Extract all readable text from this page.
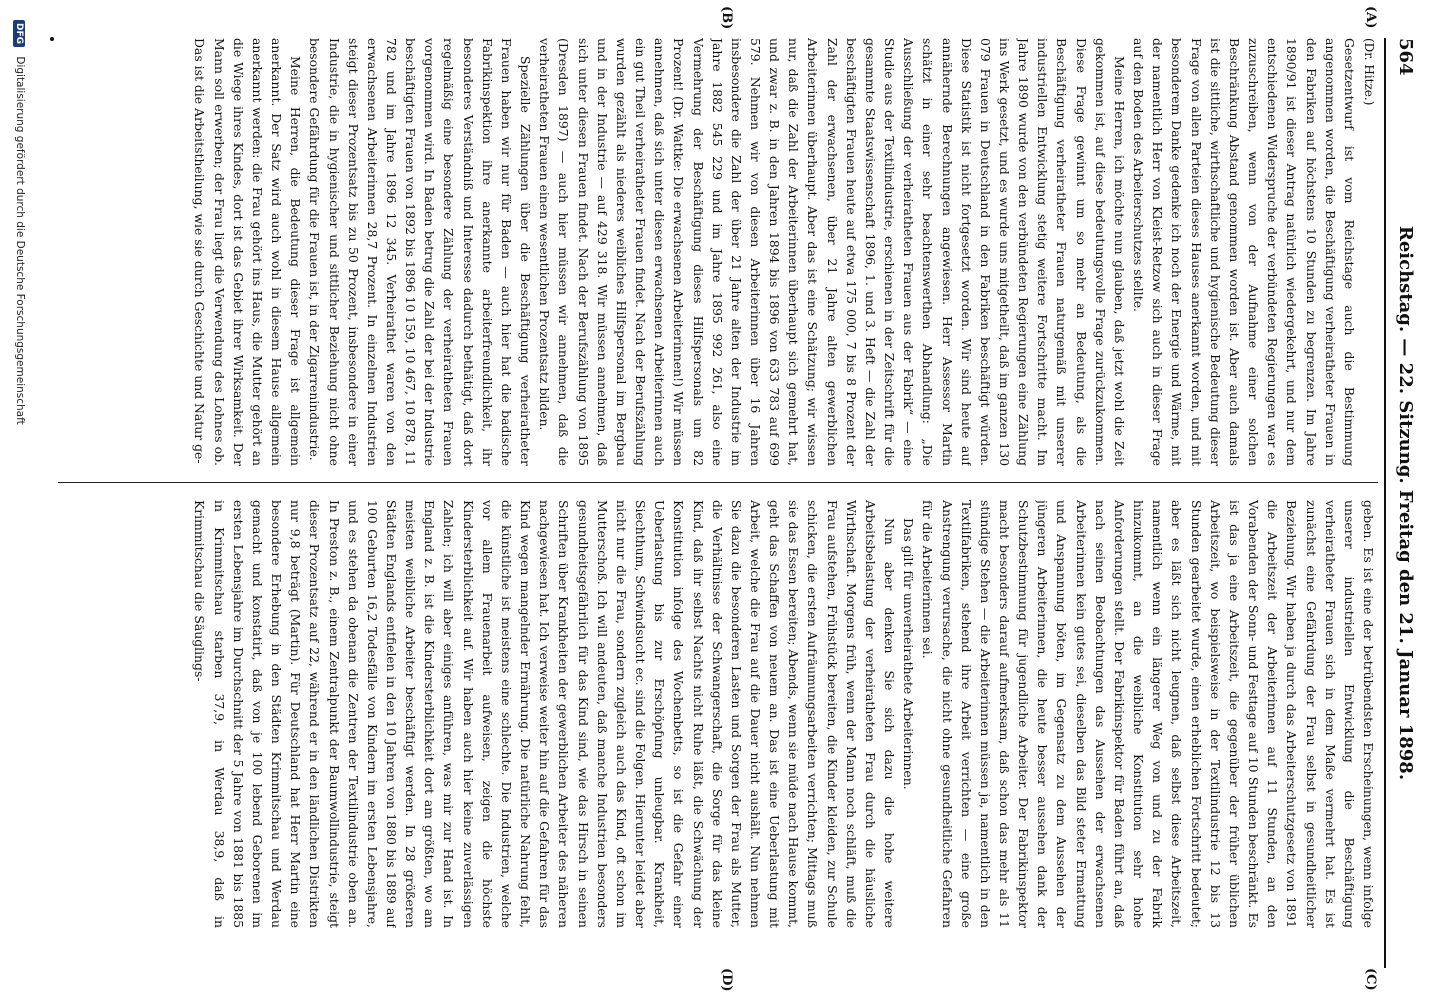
564
Reichstag. — 22. Sitzung. Freitag den 21. Januar 1898.
(A)
(B)
(C)
(D)

(Dr. Hitze.)

Gesetzentwurf ist vom Reichstage auch die Bestimmung angenommen worden, die Beschäftigung verheiratheter Frauen in den Fabriken auf höchstens 10 Stunden zu begrenzen. Im Jahre 1890/91 ist dieser Antrag natürlich wiedergekehrt, und nur dem entschiedenen Widerspruche der verbündeten Regierungen war es zuzuschreiben, wenn von der Aufnahme einer solchen Beschränkung Abstand genommen worden ist. Aber auch damals ist die sittliche, wirthschaftliche und hygienische Bedeutung dieser Frage von allen Parteien dieses Hauses anerkannt worden, und mit besonderem Danke gedenke ich noch der Energie und Wärme, mit der namentlich Herr von Kleist-Retzow sich auch in dieser Frage auf den Boden des Arbeiterschutzes stellte.

Meine Herren, ich möchte nun glauben, daß jetzt wohl die Zeit gekommen ist, auf diese bedeutungsvolle Frage zurückzukommen. Diese Frage gewinnt um so mehr an Bedeutung, als die Beschäftigung verheiratheter Frauen naturgemäß mit unserer industriellen Entwicklung stetig weitere Fortschritte macht. Im Jahre 1890 wurde von den verbündeten Regierungen eine Zählung ins Werk gesetzt, und es wurde uns mitgetheilt, daß im ganzen 130 079 Frauen in Deutschland in den Fabriken beschäftigt würden. Diese Statistik ist nicht fortgesetzt worden. Wir sind heute auf annähernde Berechnungen angewiesen. Herr Assessor Martin schätzt in einer sehr beachtenswerthen Abhandlung: „Die Ausschließung der verheiratheten Frauen aus der Fabrik“ — eine Studie aus der Textilindustrie, erschienen in der Zeitschrift für die gesammte Staatswissenschaft 1896, 1. und 3. Heft — die Zahl der beschäftigten Frauen heute auf etwa 175 000, 7 bis 8 Prozent der Zahl der erwachsenen, über 21 Jahre alten gewerblichen Arbeiterinnen überhaupt. Aber das ist eine Schätzung; wir wissen nur, daß die Zahl der Arbeiterinnen überhaupt sich gemehrt hat, und zwar z. B. in den Jahren 1894 bis 1896 von 633 783 auf 699 579. Nehmen wir von diesen Arbeiterinnen über 16 Jahren insbesondere die Zahl der über 21 Jahre alten der Industrie im Jahre 1882 545 229 und im Jahre 1895 992 261, also eine Vermehrung der Beschäftigung dieses Hilfspersonals um 82 Prozent! (Dr. Wattke: Die erwachsenen Arbeiterinnen!) Wir müssen annehmen, daß sich unter diesen erwachsenen Arbeiterinnen auch ein gut Theil verheiratheter Frauen findet. Nach der Berufszählung wurden gezählt als niederes weibliches Hilfspersonal im Bergbau und in der Industrie — auf 429 318. Wir müssen annehmen, daß sich unter diesen Frauen findet. Nach der Berufszählung von 1895 (Dresden 1897) — auch hier müssen wir annehmen, daß die verheiratheten Frauen einen wesentlichen Prozentsatz bilden.

Spezielle Zählungen über die Beschäftigung verheiratheter Frauen haben wir nur für Baden — auch hier hat die badische Fabrikinspektion ihre anerkannte arbeiterfreundlichkeit, ihr besonderes Verständniß und Interesse dadurch bethätigt, daß dort regelmäßig eine besondere Zählung der verheiratheten Frauen vorgenommen wird. In Baden betrug die Zahl der bei der Industrie beschäftigten Frauen von 1892 bis 1896 10 159, 10 467, 10 878, 11 782 und im Jahre 1896 12 345. Verheirathet waren von den erwachsenen Arbeiterinnen 28,7 Prozent. In einzelnen Industrien steigt dieser Prozentsatz bis zu 50 Prozent, insbesondere in einer Industrie, die in hygienischer und sittlicher Beziehung nicht ohne besondere Gefährdung für die Frauen ist, in der Zigarrenindustrie.

Meine Herren, die Bedeutung dieser Frage ist allgemein anerkannt. Der Satz wird auch wohl in diesem Hause allgemein anerkannt werden: die Frau gehört ins Haus, die Mutter gehört an die Wiege ihres Kindes, dort ist das Gebiet ihrer Wirksamkeit. Der Mann soll erwerben; der Frau liegt die Verwendung des Lohnes ob. Das ist die Arbeitstheilung, wie sie durch Geschichte und Natur ge-

geben. Es ist eine der betrübendsten Erscheinungen, wenn infolge unserer industriellen Entwicklung die Beschäftigung verheiratheter Frauen sich in dem Maße vermehrt hat. Es ist zunächst eine Gefährdung der Frau selbst in gesundheitlicher Beziehung. Wir haben ja durch das Arbeiterschutzgesetz von 1891 die Arbeitszeit der Arbeiterinnen auf 11 Stunden, an den Vorabenden der Sonn- und Festtage auf 10 Stunden beschränkt. Es ist das ja eine Arbeitszeit, die gegenüber der früher üblichen Arbeitszeit, wo beispielsweise in der Textilindustrie 12 bis 13 Stunden gearbeitet wurde, einen erheblichen Fortschritt bedeutet; aber es läßt sich nicht leugnen, daß selbst diese Arbeitszeit, namentlich wenn ein längerer Weg von und zu der Fabrik hinzukommt, an die weibliche Konstitution sehr hohe Anforderungen stellt. Der Fabrikinspektor für Baden führt an, daß nach seinen Beobachtungen das Aussehen der erwachsenen Arbeiterinnen kein gutes sei, dieselben das Bild steter Ermattung und Anspannung böten, im Gegensatz zu dem Aussehen der jüngeren Arbeiterinnen, die heute besser aussehen dank der Schutzbestimmung für jugendliche Arbeiter. Der Fabrikinspektor macht besonders darauf aufmerksam, daß schon das mehr als 11 stündige Stehen — die Arbeiterinnen müssen ja, namentlich in den Textilfabriken, stehend ihre Arbeit verrichten — eine große Anstrengung verursache, die nicht ohne gesundheitliche Gefahren für die Arbeiterinnen sei.

Das gilt für unverheirathete Arbeiterinnen.

Nun aber denken Sie sich dazu die hohe weitere Arbeitsbelastung der verheiratheten Frau durch die häusliche Wirthschaft. Morgens früh, wenn der Mann noch schläft, muß die Frau aufstehen, Frühstück bereiten, die Kinder kleiden, zur Schule schicken, die ersten Aufräumungsarbeiten verrichten; Mittags muß sie das Essen bereiten; Abends, wenn sie müde nach Hause kommt, geht das Schaffen von neuem an. Das ist eine Ueberlastung mit Arbeit, welche die Frau auf die Dauer nicht aushält. Nun nehmen Sie dazu die besonderen Lasten und Sorgen der Frau als Mutter, die Verhältnisse der Schwangerschaft, die Sorge für das kleine Kind, daß ihr selbst Nachts nicht Ruhe läßt, die Schwächung der Konstitution infolge des Wochenbetts, so ist die Gefahr einer Ueberlastung bis zur Erschöpfung unleugbar. Krankheit, Siechthum, Schwindsucht ec. sind die Folgen. Hierunter leidet aber nicht nur die Frau, sondern zugleich auch das Kind, oft schon im Mutterschoß. Ich will andeuten, daß manche Industrien besonders gesundheitsgefährlich für das Kind sind, wie das Hirsch in seinen Schriften über Krankheiten der gewerblichen Arbeiter des näheren nachgewiesen hat. Ich verweise weiter hin auf die Gefahren für das Kind wegen mangelnder Ernährung. Die natürliche Nahrung fehlt, die künstliche ist meistens eine schlechte. Die Industrien, welche vor allem Frauenarbeit aufweisen, zeigen die höchste Kindersterblichkeit auf. Wir haben auch hier keine zuverlässigen Zahlen; ich will aber einiges anführen, was mir zur Hand ist. In England z. B. ist die Kindersterblichkeit dort am größten, wo am meisten weibliche Arbeiter beschäftigt werden. In 28 größeren Städten Englands entfielen in den 10 Jahren von 1880 bis 1889 auf 100 Geburten 16,2 Todesfälle von Kindern im ersten Lebensjahre, und es stehen da obenan die Zentren der Textilindustrie oben an. In Preston z. B., einem Zentralpunkt der Baumwollindustrie, steigt dieser Prozentsatz auf 22, während er in den ländlichen Distrikten nur 9,8 beträgt (Martin). Für Deutschland hat Herr Martin eine besondere Erhebung in den Städten Krimmitschau und Werdau gemacht und konstatirt, daß von je 100 lebend Geborenen im ersten Lebensjahre im Durchschnitt der 5 Jahre von 1881 bis 1885 in Krimmitschau starben 37,9, in Werdau 38,9, daß in Krimmitschau die Säuglings-

DFG Digitalisierung gefördert durch die Deutsche Forschungsgemeinschaft
